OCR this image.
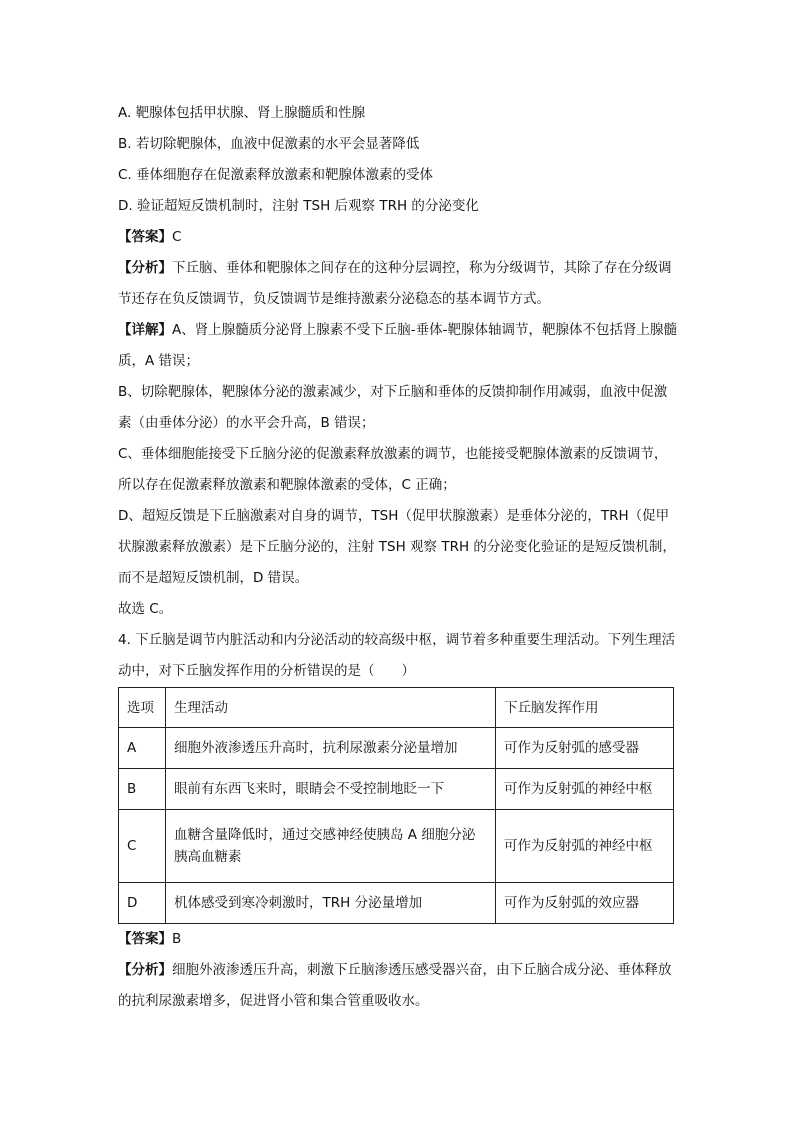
A. 靶腺体包括甲状腺、肾上腺髓质和性腺
B. 若切除靶腺体，血液中促激素的水平会显著降低
C. 垂体细胞存在促激素释放激素和靶腺体激素的受体
D. 验证超短反馈机制时，注射 TSH 后观察 TRH 的分泌变化
【答案】C
【分析】下丘脑、垂体和靶腺体之间存在的这种分层调控，称为分级调节，其除了存在分级调节还存在负反馈调节，负反馈调节是维持激素分泌稳态的基本调节方式。
【详解】A、肾上腺髓质分泌肾上腺素不受下丘脑-垂体-靶腺体轴调节，靶腺体不包括肾上腺髓质，A 错误；
B、切除靶腺体，靶腺体分泌的激素减少，对下丘脑和垂体的反馈抑制作用减弱，血液中促激素（由垂体分泌）的水平会升高，B 错误；
C、垂体细胞能接受下丘脑分泌的促激素释放激素的调节，也能接受靶腺体激素的反馈调节，所以存在促激素释放激素和靶腺体激素的受体，C 正确；
D、超短反馈是下丘脑激素对自身的调节，TSH（促甲状腺激素）是垂体分泌的，TRH（促甲状腺激素释放激素）是下丘脑分泌的，注射 TSH 观察 TRH 的分泌变化验证的是短反馈机制，而不是超短反馈机制，D 错误。
故选 C。
4. 下丘脑是调节内脏活动和内分泌活动的较高级中枢，调节着多种重要生理活动。下列生理活动中，对下丘脑发挥作用的分析错误的是（　　）
选项	生理活动	下丘脑发挥作用
A	细胞外液渗透压升高时，抗利尿激素分泌量增加	可作为反射弧的感受器
B	眼前有东西飞来时，眼睛会不受控制地眨一下	可作为反射弧的神经中枢
C	血糖含量降低时，通过交感神经使胰岛 A 细胞分泌胰高血糖素	可作为反射弧的神经中枢
D	机体感受到寒冷刺激时，TRH 分泌量增加	可作为反射弧的效应器
【答案】B
【分析】细胞外液渗透压升高，刺激下丘脑渗透压感受器兴奋，由下丘脑合成分泌、垂体释放的抗利尿激素增多，促进肾小管和集合管重吸收水。
